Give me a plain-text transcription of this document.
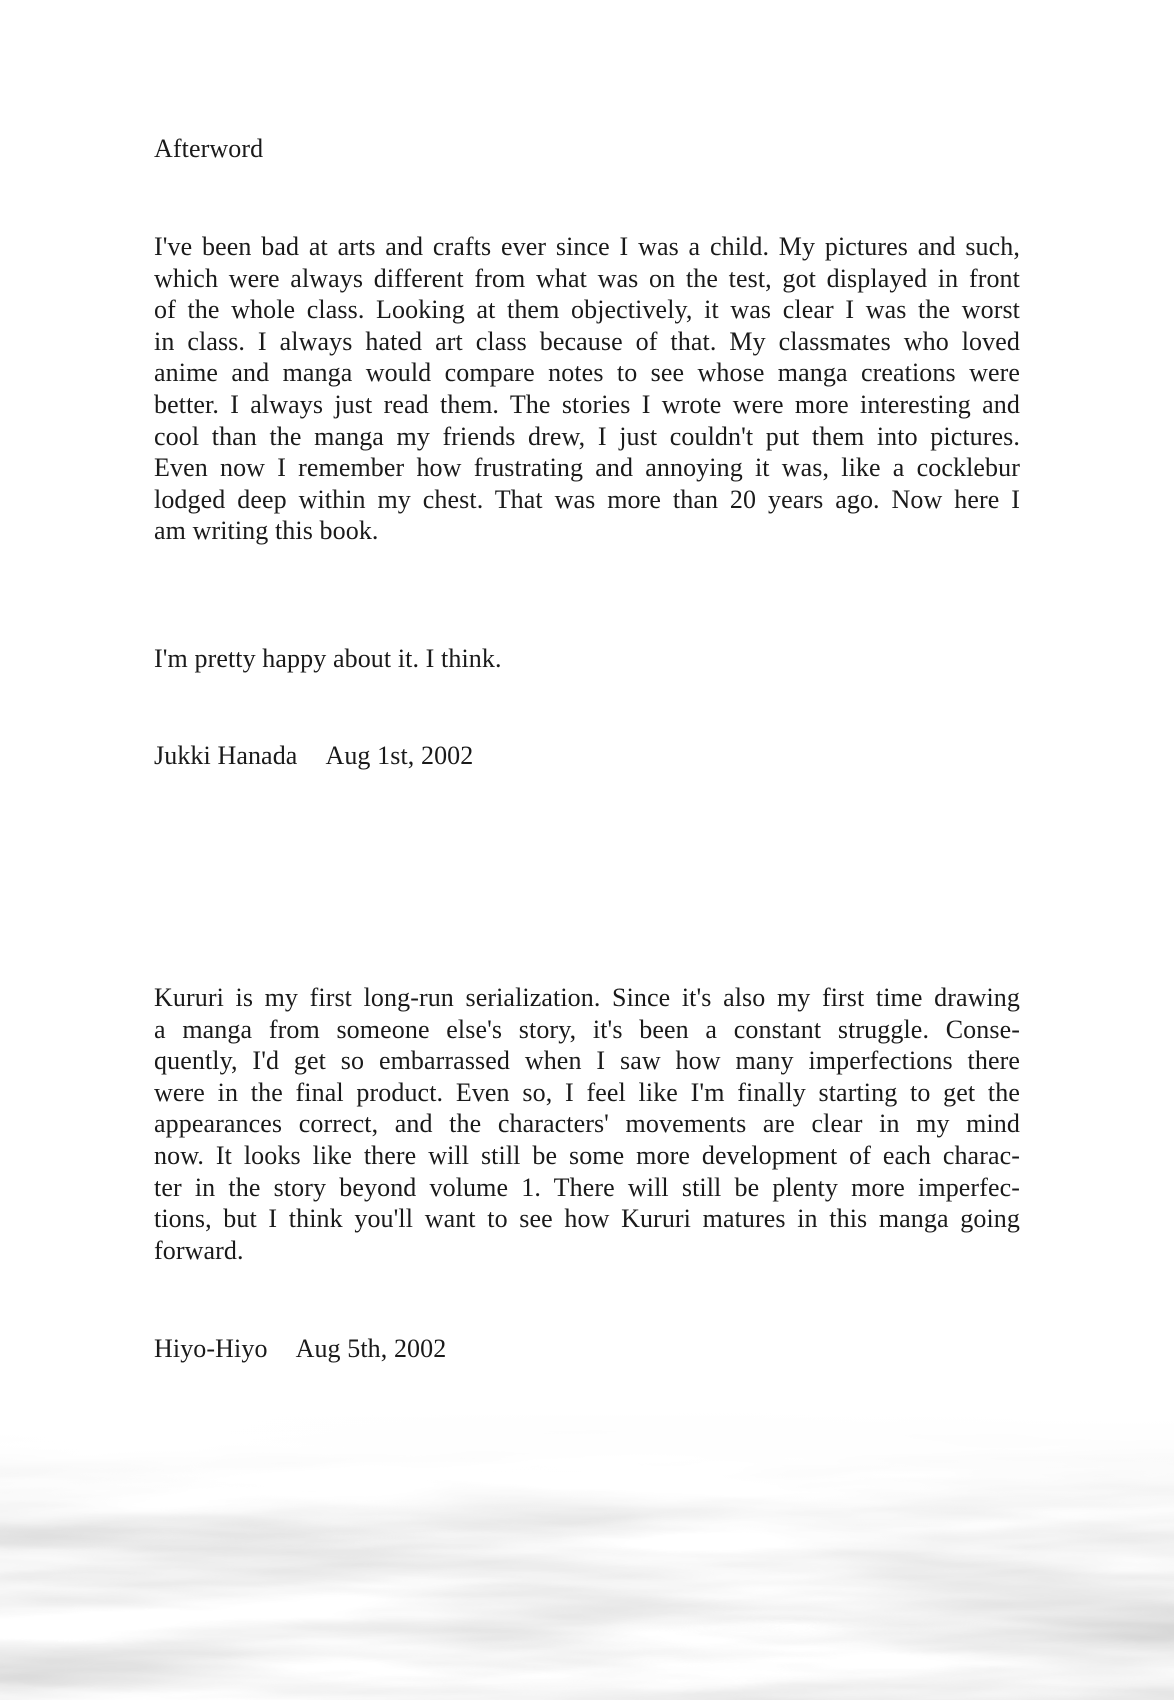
Afterword
I've been bad at arts and crafts ever since I was a child. My pictures and such,
which were always different from what was on the test, got displayed in front
of the whole class. Looking at them objectively, it was clear I was the worst
in class. I always hated art class because of that. My classmates who loved
anime and manga would compare notes to see whose manga creations were
better. I always just read them. The stories I wrote were more interesting and
cool than the manga my friends drew, I just couldn't put them into pictures.
Even now I remember how frustrating and annoying it was, like a cocklebur
lodged deep within my chest. That was more than 20 years ago. Now here I
am writing this book.
I'm pretty happy about it. I think.
Jukki Hanada Aug 1st, 2002
Kururi is my first long-run serialization. Since it's also my first time drawing
a manga from someone else's story, it's been a constant struggle. Conse-
quently, I'd get so embarrassed when I saw how many imperfections there
were in the final product. Even so, I feel like I'm finally starting to get the
appearances correct, and the characters' movements are clear in my mind
now. It looks like there will still be some more development of each charac-
ter in the story beyond volume 1. There will still be plenty more imperfec-
tions, but I think you'll want to see how Kururi matures in this manga going
forward.
Hiyo-Hiyo Aug 5th, 2002
